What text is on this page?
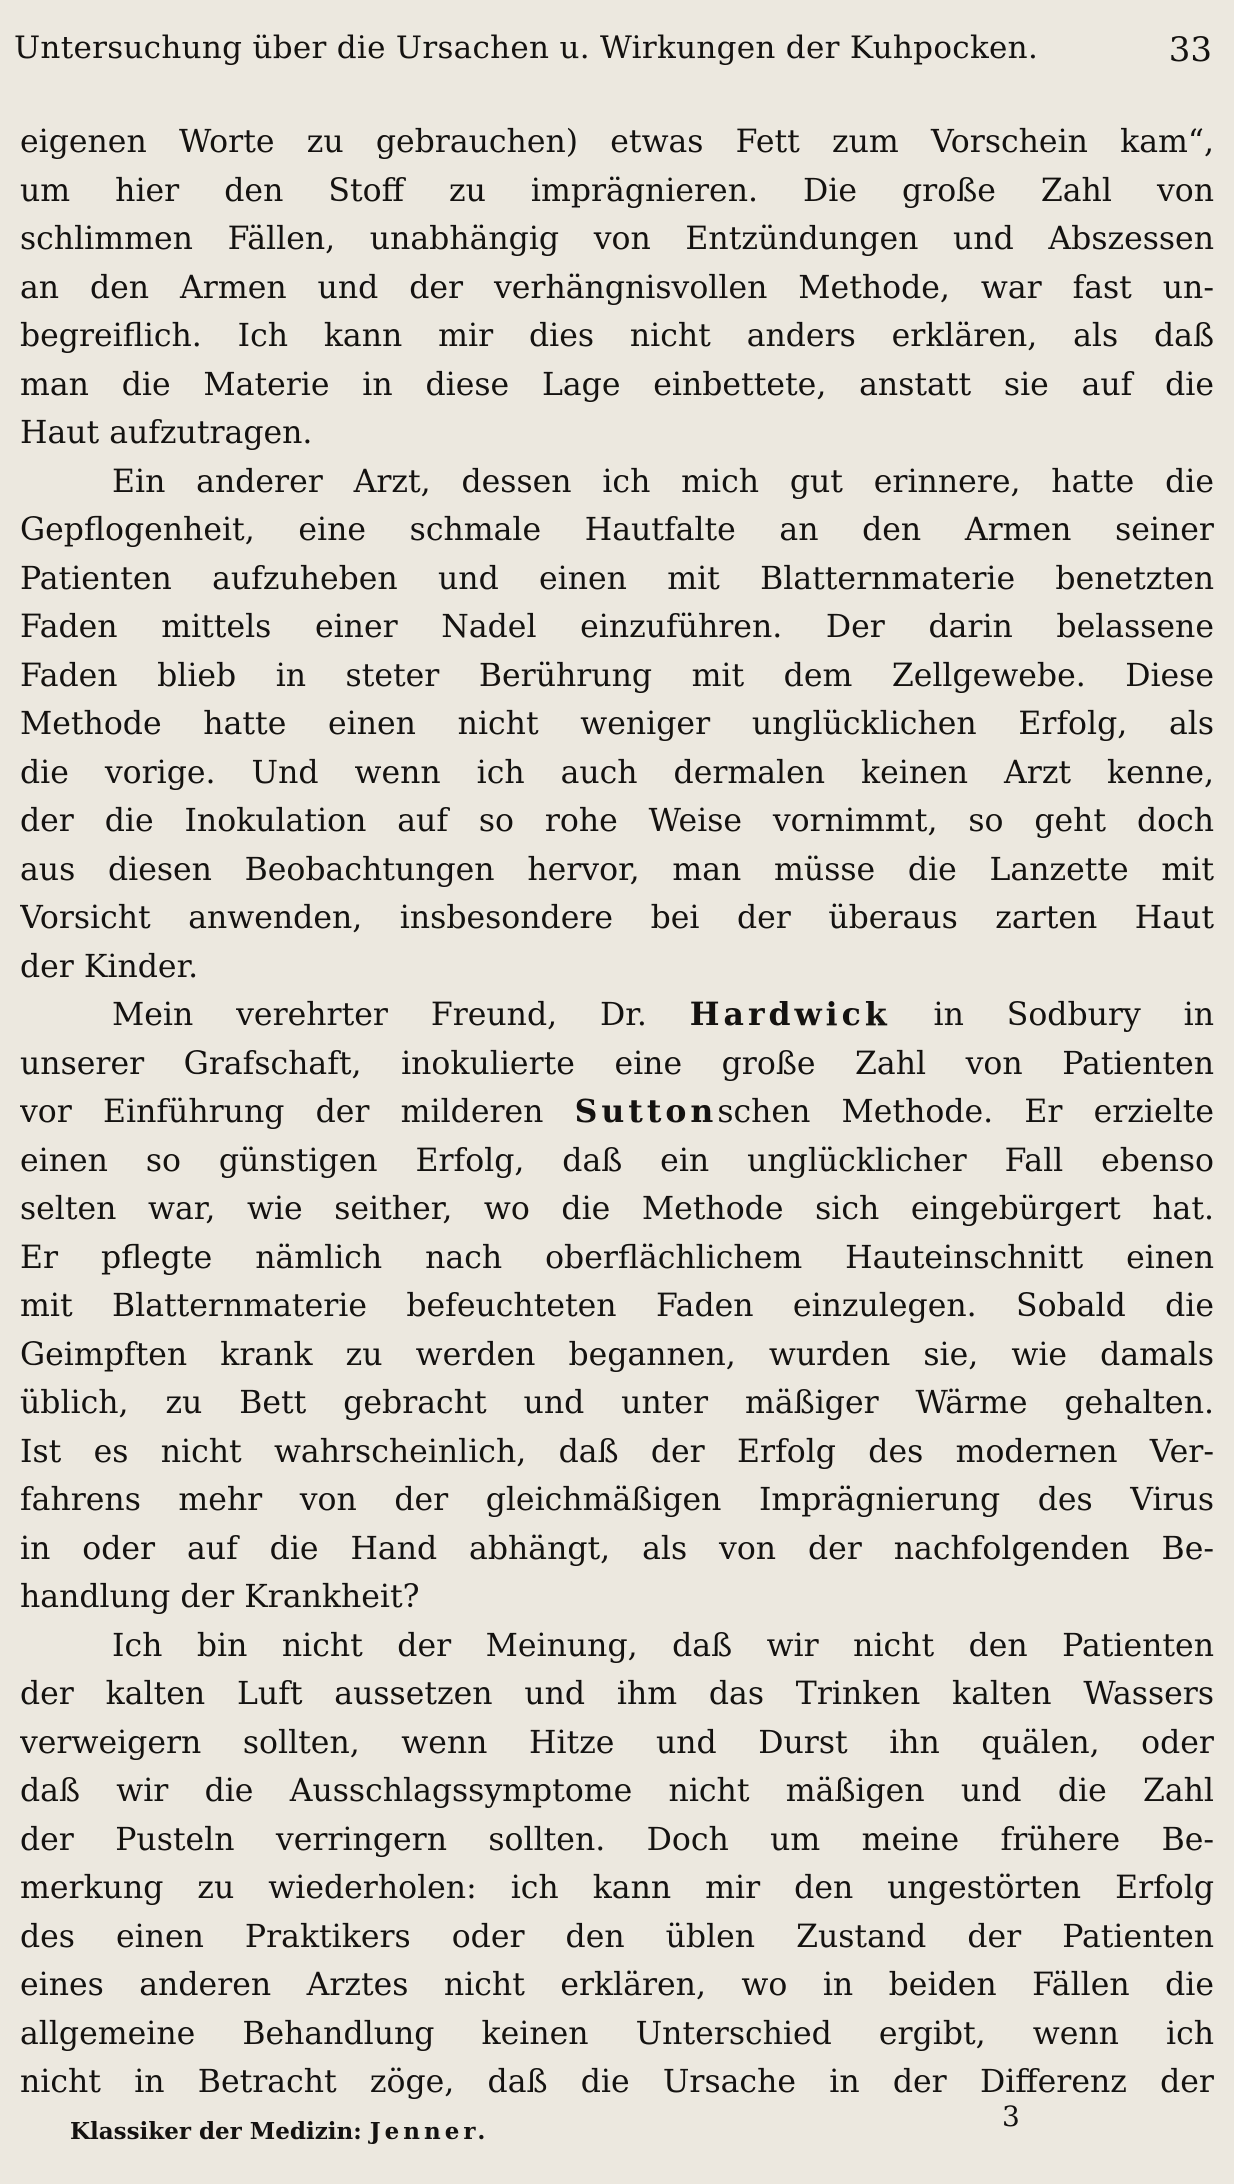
Untersuchung über die Ursachen u. Wirkungen der Kuhpocken.	33
eigenen Worte zu gebrauchen) etwas Fett zum Vorschein kam“,
um hier den Stoff zu imprägnieren. Die große Zahl von
schlimmen Fällen, unabhängig von Entzündungen und Abszessen
an den Armen und der verhängnisvollen Methode, war fast un-
begreiflich. Ich kann mir dies nicht anders erklären, als daß
man die Materie in diese Lage einbettete, anstatt sie auf die
Haut aufzutragen.
Ein anderer Arzt, dessen ich mich gut erinnere, hatte die
Gepflogenheit, eine schmale Hautfalte an den Armen seiner
Patienten aufzuheben und einen mit Blatternmaterie benetzten
Faden mittels einer Nadel einzuführen. Der darin belassene
Faden blieb in steter Berührung mit dem Zellgewebe. Diese
Methode hatte einen nicht weniger unglücklichen Erfolg, als
die vorige. Und wenn ich auch dermalen keinen Arzt kenne,
der die Inokulation auf so rohe Weise vornimmt, so geht doch
aus diesen Beobachtungen hervor, man müsse die Lanzette mit
Vorsicht anwenden, insbesondere bei der überaus zarten Haut
der Kinder.
Mein verehrter Freund, Dr. Hardwick in Sodbury in
unserer Grafschaft, inokulierte eine große Zahl von Patienten
vor Einführung der milderen Suttonschen Methode. Er erzielte
einen so günstigen Erfolg, daß ein unglücklicher Fall ebenso
selten war, wie seither, wo die Methode sich eingebürgert hat.
Er pflegte nämlich nach oberflächlichem Hauteinschnitt einen
mit Blatternmaterie befeuchteten Faden einzulegen. Sobald die
Geimpften krank zu werden begannen, wurden sie, wie damals
üblich, zu Bett gebracht und unter mäßiger Wärme gehalten.
Ist es nicht wahrscheinlich, daß der Erfolg des modernen Ver-
fahrens mehr von der gleichmäßigen Imprägnierung des Virus
in oder auf die Hand abhängt, als von der nachfolgenden Be-
handlung der Krankheit?
Ich bin nicht der Meinung, daß wir nicht den Patienten
der kalten Luft aussetzen und ihm das Trinken kalten Wassers
verweigern sollten, wenn Hitze und Durst ihn quälen, oder
daß wir die Ausschlagssymptome nicht mäßigen und die Zahl
der Pusteln verringern sollten. Doch um meine frühere Be-
merkung zu wiederholen: ich kann mir den ungestörten Erfolg
des einen Praktikers oder den üblen Zustand der Patienten
eines anderen Arztes nicht erklären, wo in beiden Fällen die
allgemeine Behandlung keinen Unterschied ergibt, wenn ich
nicht in Betracht zöge, daß die Ursache in der Differenz der
Klassiker der Medizin: Jenner.	3
